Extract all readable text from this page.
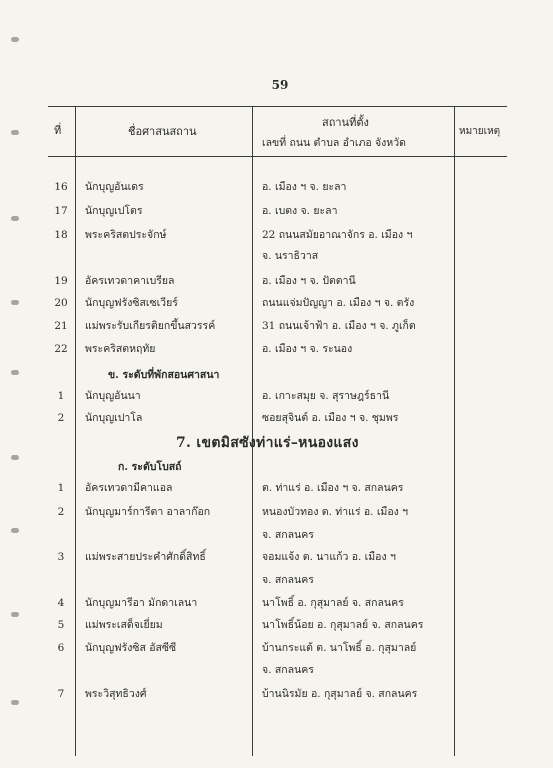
59
ที่	ชื่อศาสนสถาน
สถานที่ตั้ง
เลขที่ ถนน ตำบล อำเภอ จังหวัด
หมายเหตุ
16	นักบุญอันเดร	อ. เมือง ฯ จ. ยะลา
17	นักบุญเปโตร	อ. เบตง จ. ยะลา
18	พระคริสตประจักษ์	22 ถนนสมัยอาณาจักร อ. เมือง ฯ
จ. นราธิวาส
19	อัครเทวดาคาเบรียล	อ. เมือง ฯ จ. ปัตตานี
20	นักบุญฟรังซิสเซเวียร์	ถนนแจ่มปัญญา อ. เมือง ฯ จ. ตรัง
21	แม่พระรับเกียรติยกขึ้นสวรรค์	31 ถนนเจ้าฟ้า อ. เมือง ฯ จ. ภูเก็ต
22	พระคริสตหฤทัย	อ. เมือง ฯ จ. ระนอง
ข. ระดับที่พักสอนศาสนา
1	นักบุญอันนา	อ. เกาะสมุย จ. สุราษฎร์ธานี
2	นักบุญเปาโล	ซอยสุจินต์ อ. เมือง ฯ จ. ชุมพร
7. เขตมิสซังท่าแร่–หนองแสง
ก. ระดับโบสถ์
1	อัครเทวดามีคาแอล	ต. ท่าแร่ อ. เมือง ฯ จ. สกลนคร
2	นักบุญมาร์การีตา อาลาก๊อก	หนองบัวทอง ต. ท่าแร่ อ. เมือง ฯ
จ. สกลนคร
3	แม่พระสายประคำศักดิ์สิทธิ์	จอมแจ้ง ต. นาแก้ว อ. เมือง ฯ
จ. สกลนคร
4	นักบุญมารีอา มักดาเลนา	นาโพธิ์ อ. กุสุมาลย์ จ. สกลนคร
5	แม่พระเสด็จเยี่ยม	นาโพธิ์น้อย อ. กุสุมาลย์ จ. สกลนคร
6	นักบุญฟรังซิส อัสซีซี	บ้านกระแต้ ต. นาโพธิ์ อ. กุสุมาลย์
จ. สกลนคร
7	พระวิสุทธิวงศ์	บ้านนิรมัย อ. กุสุมาลย์ จ. สกลนคร
